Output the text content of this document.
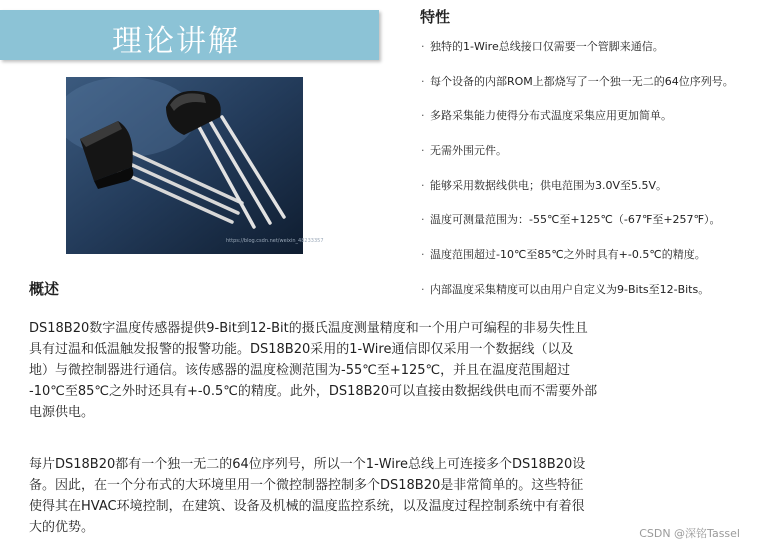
理论讲解
https://blog.csdn.net/weixin_48233357
特性
· 独特的1-Wire总线接口仅需要一个管脚来通信。
· 每个设备的内部ROM上都烧写了一个独一无二的64位序列号。
· 多路采集能力使得分布式温度采集应用更加简单。
· 无需外围元件。
· 能够采用数据线供电；供电范围为3.0V至5.5V。
· 温度可测量范围为：-55℃至+125℃（-67℉至+257℉）。
· 温度范围超过-10℃至85℃之外时具有+-0.5℃的精度。
· 内部温度采集精度可以由用户自定义为9-Bits至12-Bits。
概述

DS18B20数字温度传感器提供9-Bit到12-Bit的摄氏温度测量精度和一个用户可编程的非易失性且
具有过温和低温触发报警的报警功能。DS18B20采用的1-Wire通信即仅采用一个数据线（以及
地）与微控制器进行通信。该传感器的温度检测范围为-55℃至+125℃，并且在温度范围超过
-10℃至85℃之外时还具有+-0.5℃的精度。此外，DS18B20可以直接由数据线供电而不需要外部
电源供电。

每片DS18B20都有一个独一无二的64位序列号，所以一个1-Wire总线上可连接多个DS18B20设
备。因此，在一个分布式的大环境里用一个微控制器控制多个DS18B20是非常简单的。这些特征
使得其在HVAC环境控制，在建筑、设备及机械的温度监控系统，以及温度过程控制系统中有着很
大的优势。	CSDN @深铭Tassel
